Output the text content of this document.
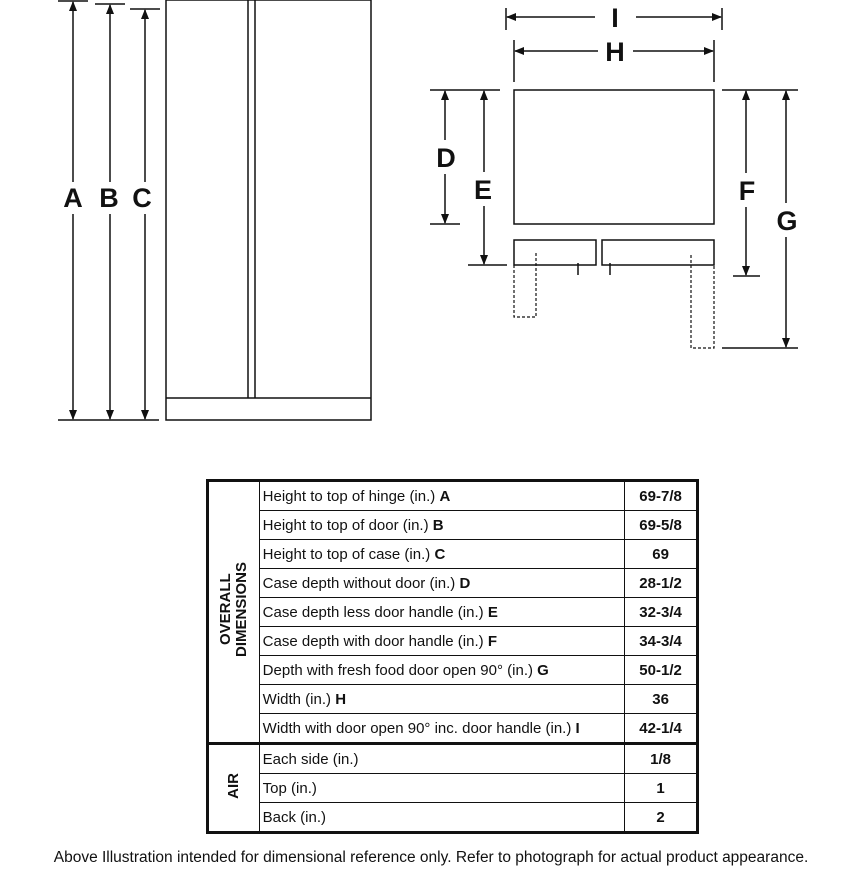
A B C
I
H
D
E	F
G
OVERALL
DIMENSIONS	Height to top of hinge (in.) A	69-7/8
	Height to top of door (in.) B	69-5/8
	Height to top of case (in.) C	69
	Case depth without door (in.) D	28-1/2
	Case depth less door handle (in.) E	32-3/4
	Case depth with door handle (in.) F	34-3/4
	Depth with fresh food door open 90° (in.) G	50-1/2
	Width (in.) H	36
	Width with door open 90° inc. door handle (in.) I	42-1/4
AIR	Each side (in.)	1/8
	Top (in.)	1
	Back (in.)	2
Above Illustration intended for dimensional reference only. Refer to photograph for actual product appearance.
